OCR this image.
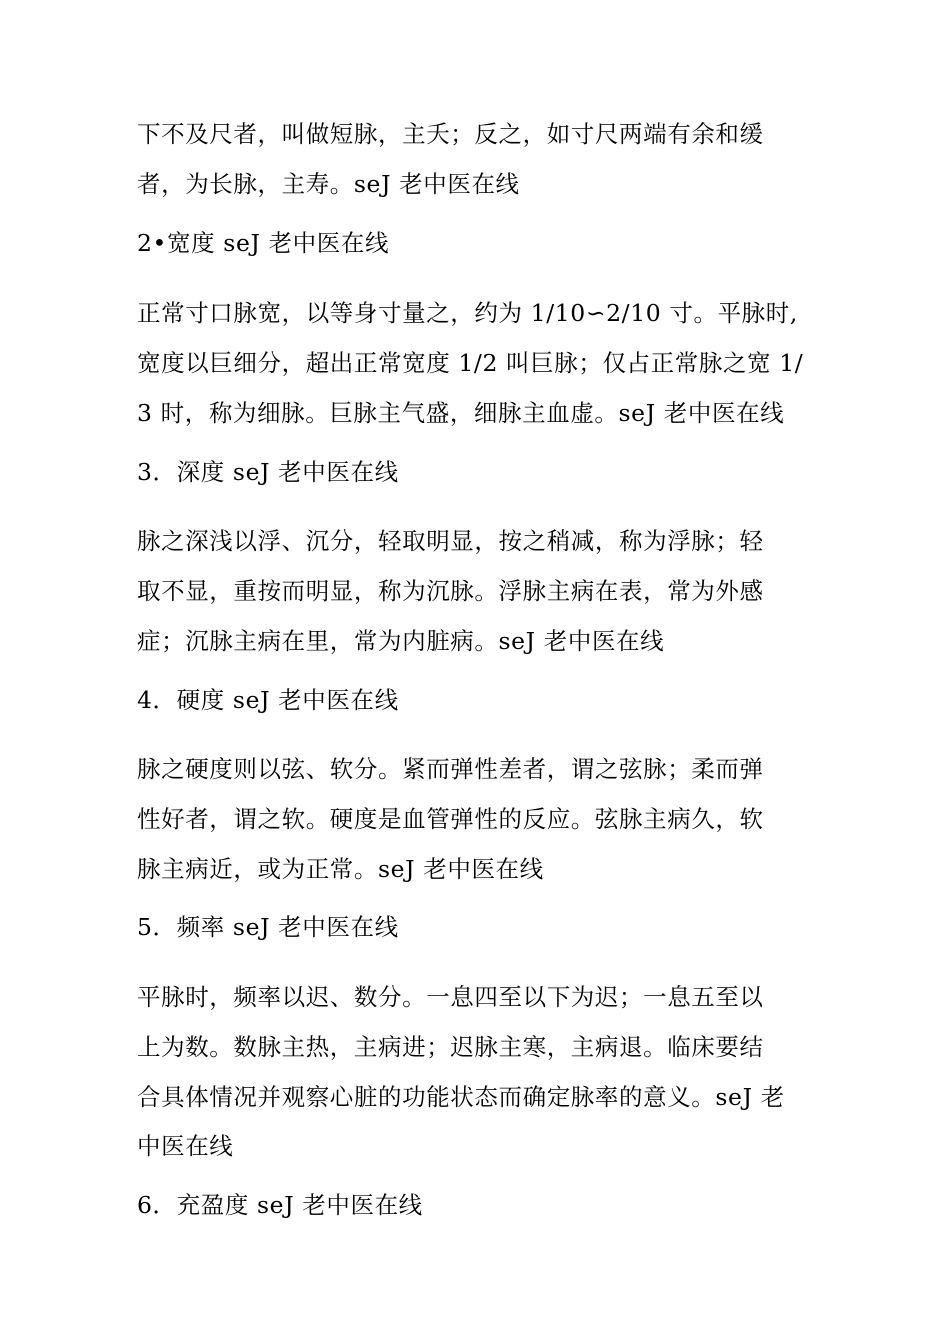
下不及尺者，叫做短脉，主夭；反之，如寸尺两端有余和缓
者，为长脉，主寿。seJ 老中医在线
2•宽度 seJ 老中医在线
正常寸口脉宽，以等身寸量之，约为 1/10∽2/10 寸。平脉时,
宽度以巨细分，超出正常宽度 1/2 叫巨脉；仅占正常脉之宽 1/
3 时，称为细脉。巨脉主气盛，细脉主血虚。seJ 老中医在线
3．深度 seJ 老中医在线
脉之深浅以浮、沉分，轻取明显，按之稍减，称为浮脉；轻
取不显，重按而明显，称为沉脉。浮脉主病在表，常为外感
症；沉脉主病在里，常为内脏病。seJ 老中医在线
4．硬度 seJ 老中医在线
脉之硬度则以弦、软分。紧而弹性差者，谓之弦脉；柔而弹
性好者，谓之软。硬度是血管弹性的反应。弦脉主病久，软
脉主病近，或为正常。seJ 老中医在线
5．频率 seJ 老中医在线
平脉时，频率以迟、数分。一息四至以下为迟；一息五至以
上为数。数脉主热，主病进；迟脉主寒，主病退。临床要结
合具体情况并观察心脏的功能状态而确定脉率的意义。seJ 老
中医在线
6．充盈度 seJ 老中医在线
